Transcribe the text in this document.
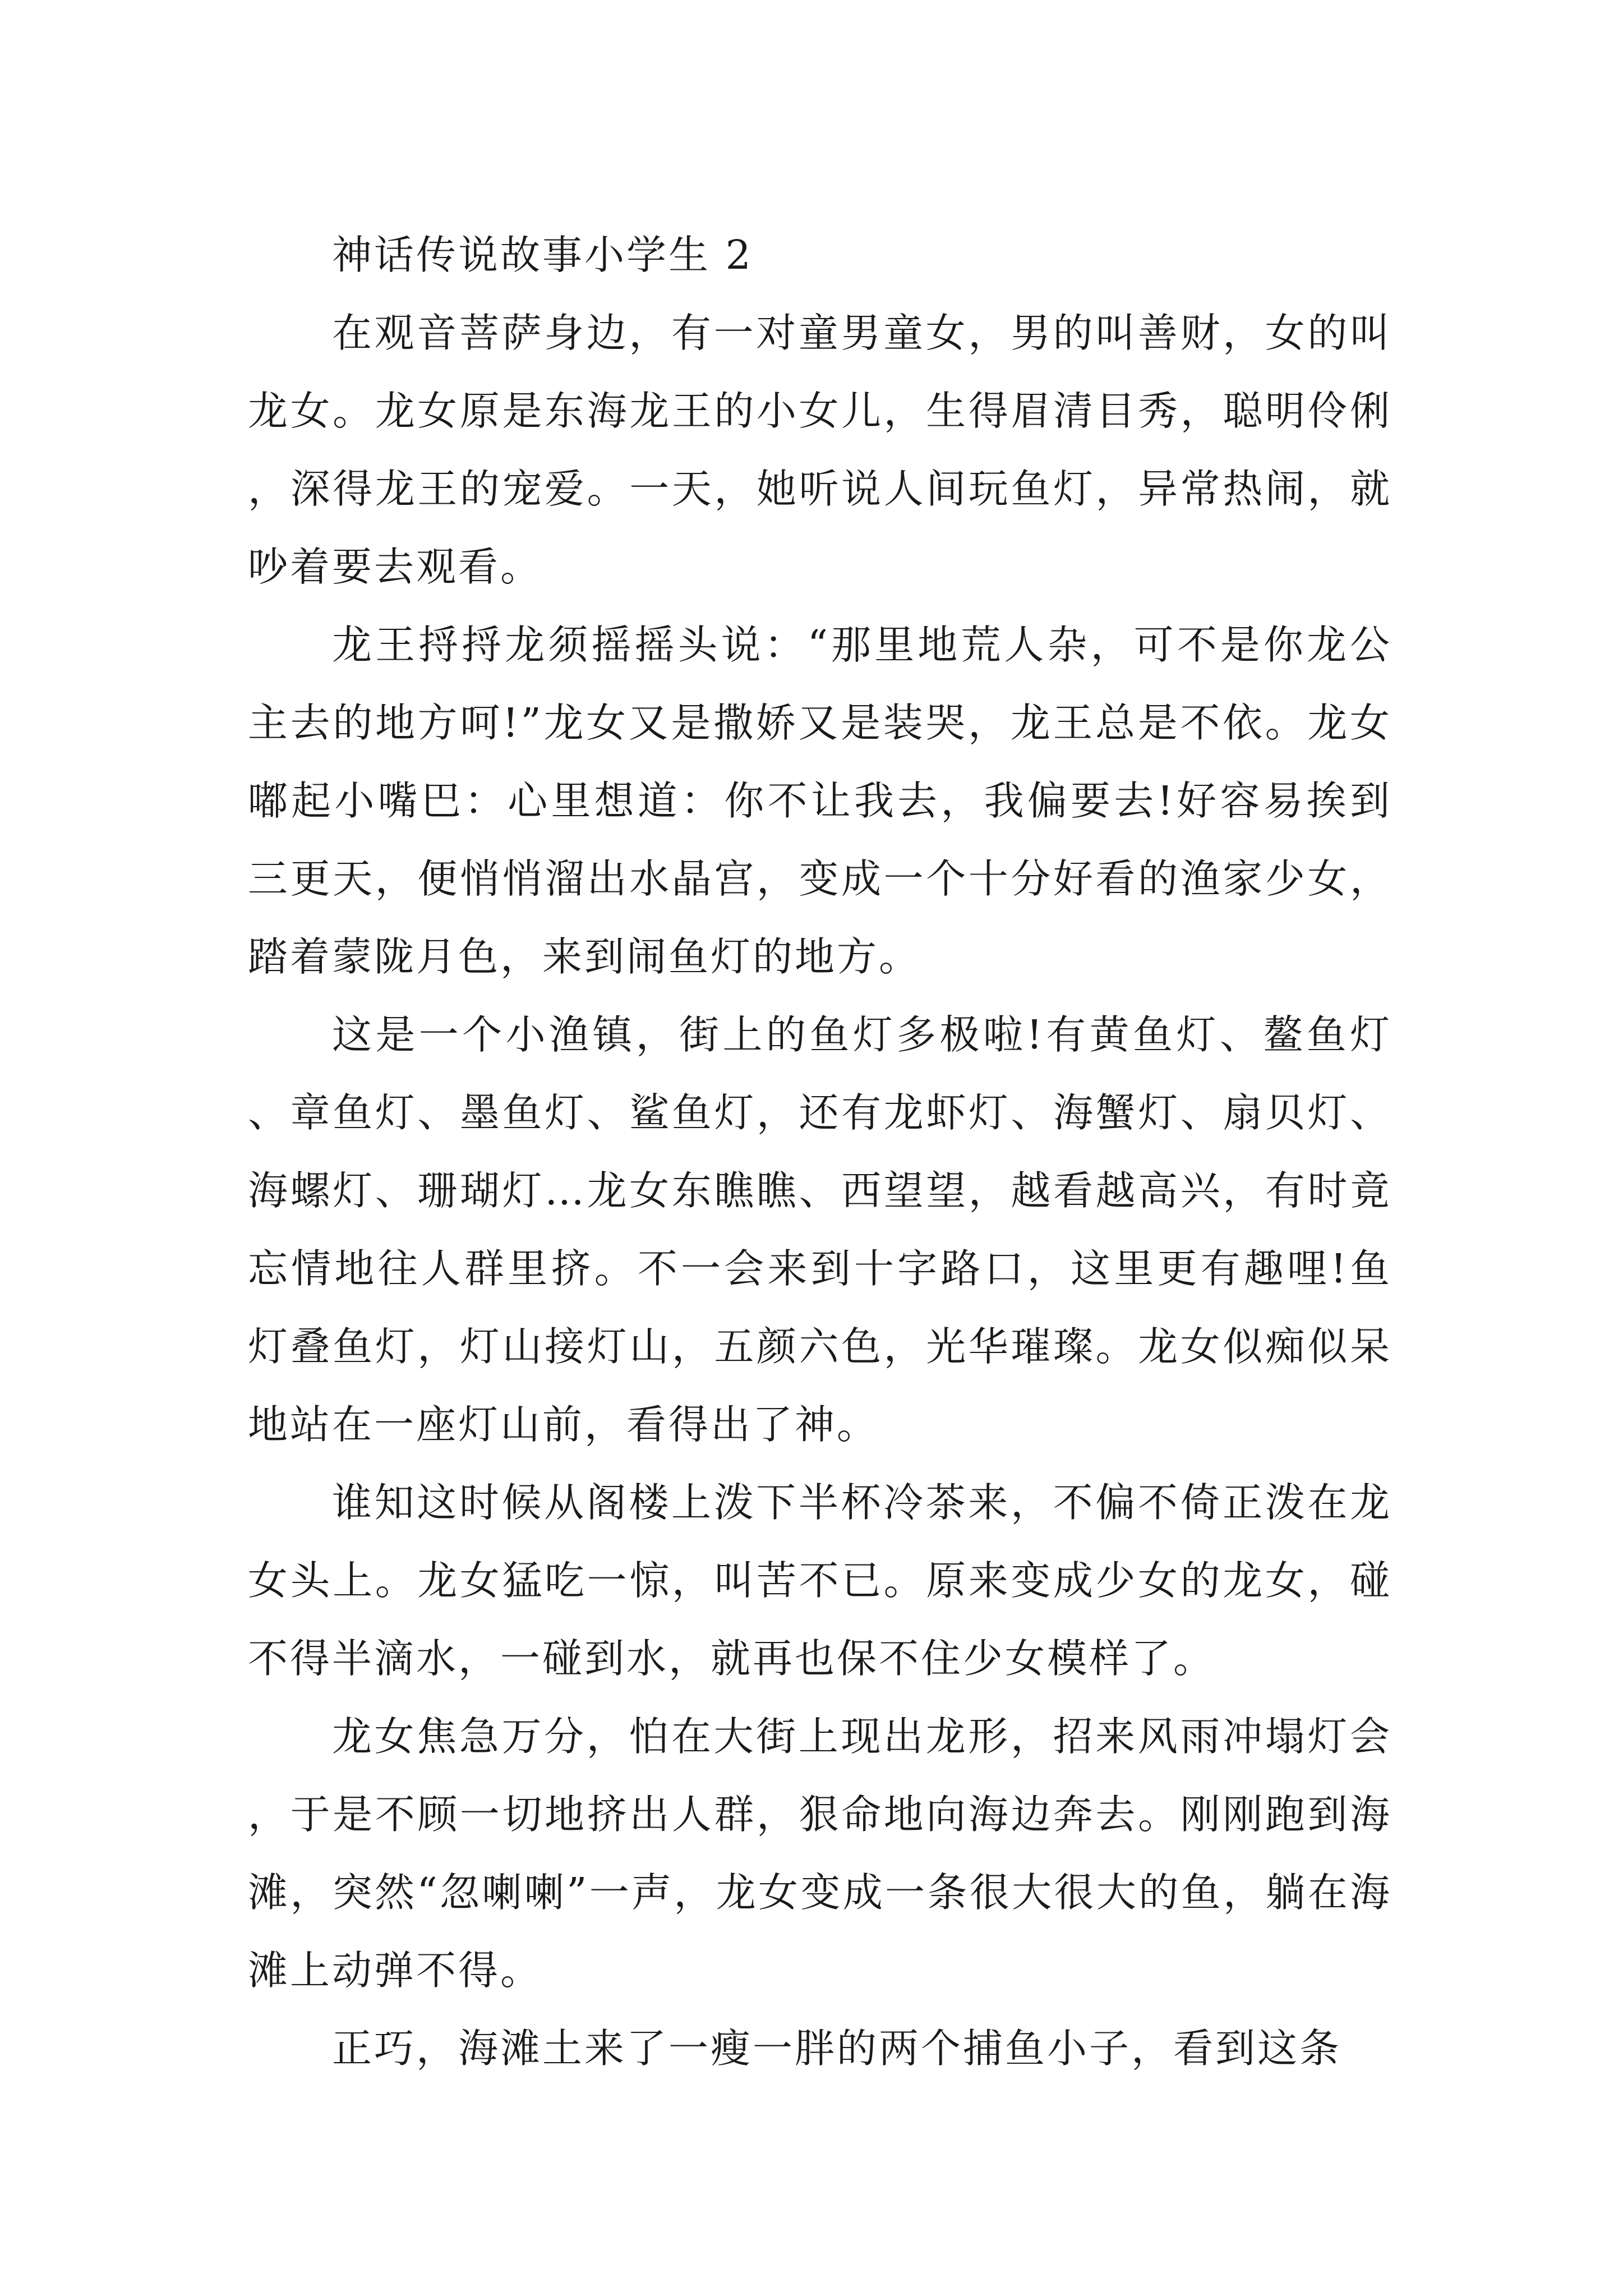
神话传说故事小学生 2

在观音菩萨身边，有一对童男童女，男的叫善财，女的叫龙女。龙女原是东海龙王的小女儿，生得眉清目秀，聪明伶俐，深得龙王的宠爱。一天，她听说人间玩鱼灯，异常热闹，就吵着要去观看。

龙王捋捋龙须摇摇头说：“那里地荒人杂，可不是你龙公主去的地方呵!”龙女又是撒娇又是装哭，龙王总是不依。龙女嘟起小嘴巴：心里想道：你不让我去，我偏要去!好容易挨到三更天，便悄悄溜出水晶宫，变成一个十分好看的渔家少女，踏着蒙陇月色，来到闹鱼灯的地方。

这是一个小渔镇，街上的鱼灯多极啦!有黄鱼灯、鳌鱼灯、章鱼灯、墨鱼灯、鲨鱼灯，还有龙虾灯、海蟹灯、扇贝灯、海螺灯、珊瑚灯…龙女东瞧瞧、西望望，越看越高兴，有时竟忘情地往人群里挤。不一会来到十字路口，这里更有趣哩!鱼灯叠鱼灯，灯山接灯山，五颜六色，光华璀璨。龙女似痴似呆地站在一座灯山前，看得出了神。

谁知这时候从阁楼上泼下半杯冷茶来，不偏不倚正泼在龙女头上。龙女猛吃一惊，叫苦不已。原来变成少女的龙女，碰不得半滴水，一碰到水，就再也保不住少女模样了。

龙女焦急万分，怕在大街上现出龙形，招来风雨冲塌灯会，于是不顾一切地挤出人群，狠命地向海边奔去。刚刚跑到海滩，突然“忽喇喇”一声，龙女变成一条很大很大的鱼，躺在海滩上动弹不得。

正巧，海滩土来了一瘦一胖的两个捕鱼小子，看到这条
